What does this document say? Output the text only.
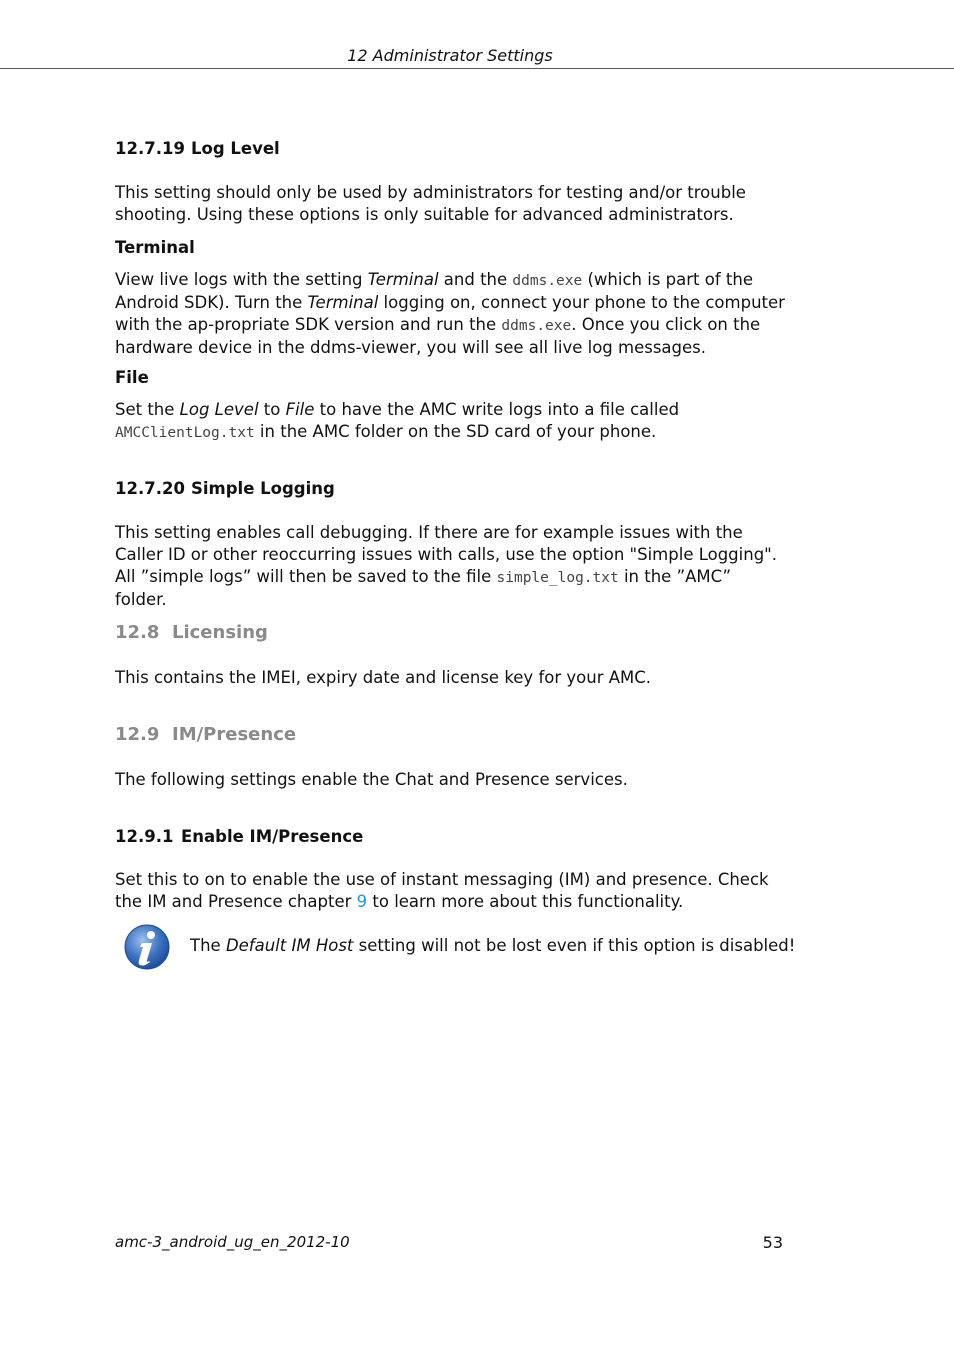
12 Administrator Settings
12.7.19 Log Level
This setting should only be used by administrators for testing and/or trouble shooting. Using these options is only suitable for advanced administrators.
Terminal
View live logs with the setting Terminal and the ddms.exe (which is part of the Android SDK). Turn the Terminal logging on, connect your phone to the computer with the ap-propriate SDK version and run the ddms.exe. Once you click on the hardware device in the ddms-viewer, you will see all live log messages.
File
Set the Log Level to File to have the AMC write logs into a file called AMCClientLog.txt in the AMC folder on the SD card of your phone.
12.7.20 Simple Logging
This setting enables call debugging. If there are for example issues with the Caller ID or other reoccurring issues with calls, use the option "Simple Logging". All ”simple logs” will then be saved to the file simple_log.txt in the ”AMC” folder.
12.8 Licensing
This contains the IMEI, expiry date and license key for your AMC.
12.9 IM/Presence
The following settings enable the Chat and Presence services.
12.9.1 Enable IM/Presence
Set this to on to enable the use of instant messaging (IM) and presence. Check the IM and Presence chapter 9 to learn more about this functionality.
The Default IM Host setting will not be lost even if this option is disabled!
amc-3_android_ug_en_2012-10	53
